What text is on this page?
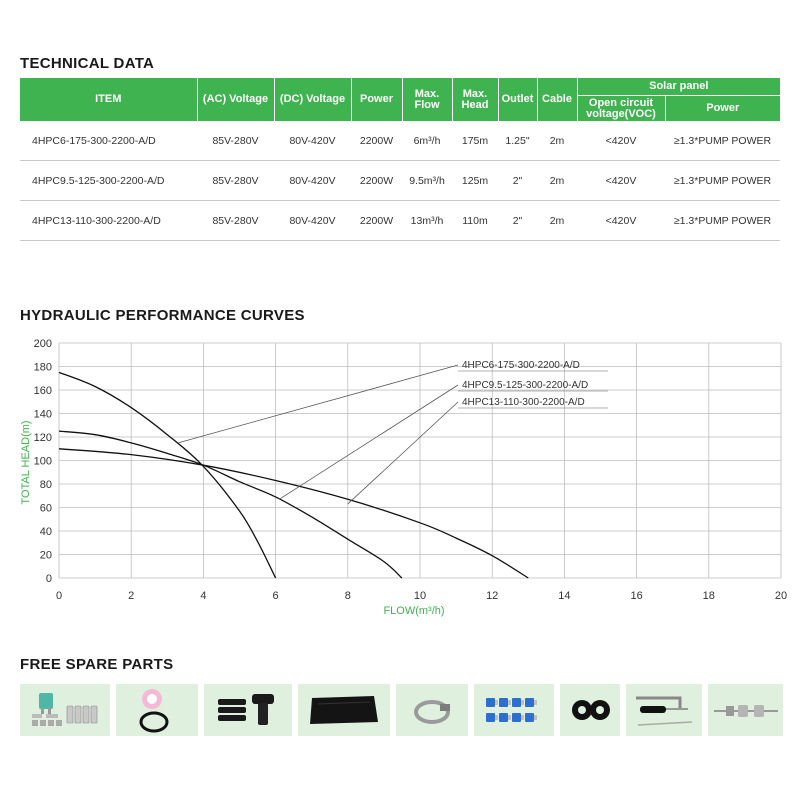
TECHNICAL DATA
ITEM	(AC) Voltage	(DC) Voltage	Power	Max. Flow	Max. Head	Outlet	Cable	Solar panel	
								Open circuit voltage(VOC)	Power
4HPC6-175-300-2200-A/D	85V-280V	80V-420V	2200W	6m³/h	175m	1.25"	2m	<420V	≥1.3*PUMP POWER
4HPC9.5-125-300-2200-A/D	85V-280V	80V-420V	2200W	9.5m³/h	125m	2"	2m	<420V	≥1.3*PUMP POWER
4HPC13-110-300-2200-A/D	85V-280V	80V-420V	2200W	13m³/h	110m	2"	2m	<420V	≥1.3*PUMP POWER
HYDRAULIC PERFORMANCE CURVES
0	2	4	6	8	10	12	14	16	18	20
0
20
40
60
80
100
120
140
160
180
200
FLOW(m³/h)
TOTAL HEAD(m)
4HPC6-175-300-2200-A/D
4HPC9.5-125-300-2200-A/D
4HPC13-110-300-2200-A/D
FREE SPARE PARTS
